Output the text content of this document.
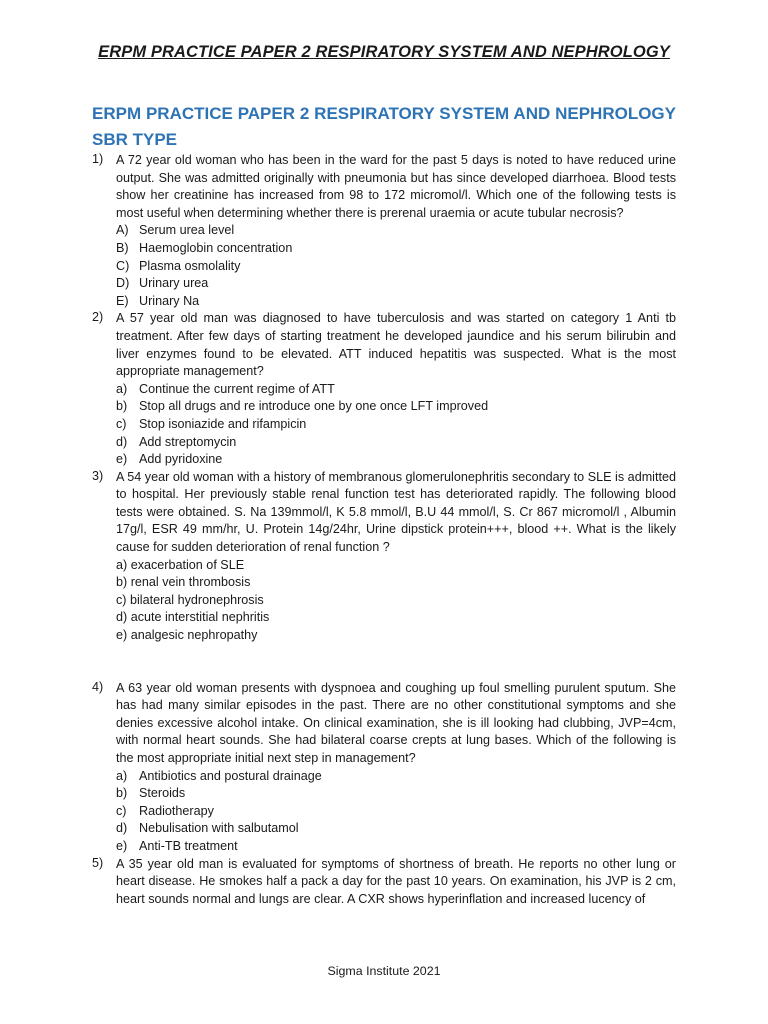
ERPM PRACTICE PAPER 2 RESPIRATORY SYSTEM AND NEPHROLOGY
ERPM PRACTICE PAPER 2 RESPIRATORY SYSTEM AND NEPHROLOGY SBR TYPE
1) A 72 year old woman who has been in the ward for the past 5 days is noted to have reduced urine output. She was admitted originally with pneumonia but has since developed diarrhoea. Blood tests show her creatinine has increased from 98 to 172 micromol/l. Which one of the following tests is most useful when determining whether there is prerenal uraemia or acute tubular necrosis?
A) Serum urea level
B) Haemoglobin concentration
C) Plasma osmolality
D) Urinary urea
E) Urinary Na
2) A 57 year old man was diagnosed to have tuberculosis and was started on category 1 Anti tb treatment. After few days of starting treatment he developed jaundice and his serum bilirubin and liver enzymes found to be elevated. ATT induced hepatitis was suspected. What is the most appropriate management?
a) Continue the current regime of ATT
b) Stop all drugs and re introduce one by one once LFT improved
c) Stop isoniazide and rifampicin
d) Add streptomycin
e) Add pyridoxine
3) A 54 year old woman with a history of membranous glomerulonephritis secondary to SLE is admitted to hospital. Her previously stable renal function test has deteriorated rapidly. The following blood tests were obtained. S. Na 139mmol/l, K 5.8 mmol/l, B.U 44 mmol/l, S. Cr 867 micromol/l , Albumin 17g/l, ESR 49 mm/hr, U. Protein 14g/24hr, Urine dipstick protein+++, blood ++. What is the likely cause for sudden deterioration of renal function ?
a) exacerbation of SLE
b) renal vein thrombosis
c) bilateral hydronephrosis
d) acute interstitial nephritis
e) analgesic nephropathy
4) A 63 year old woman presents with dyspnoea and coughing up foul smelling purulent sputum. She has had many similar episodes in the past. There are no other constitutional symptoms and she denies excessive alcohol intake. On clinical examination, she is ill looking had clubbing, JVP=4cm, with normal heart sounds. She had bilateral coarse crepts at lung bases. Which of the following is the most appropriate initial next step in management?
a) Antibiotics and postural drainage
b) Steroids
c) Radiotherapy
d) Nebulisation with salbutamol
e) Anti-TB treatment
5) A 35 year old man is evaluated for symptoms of shortness of breath. He reports no other lung or heart disease. He smokes half a pack a day for the past 10 years. On examination, his JVP is 2 cm, heart sounds normal and lungs are clear. A CXR shows hyperinflation and increased lucency of
Sigma Institute 2021
